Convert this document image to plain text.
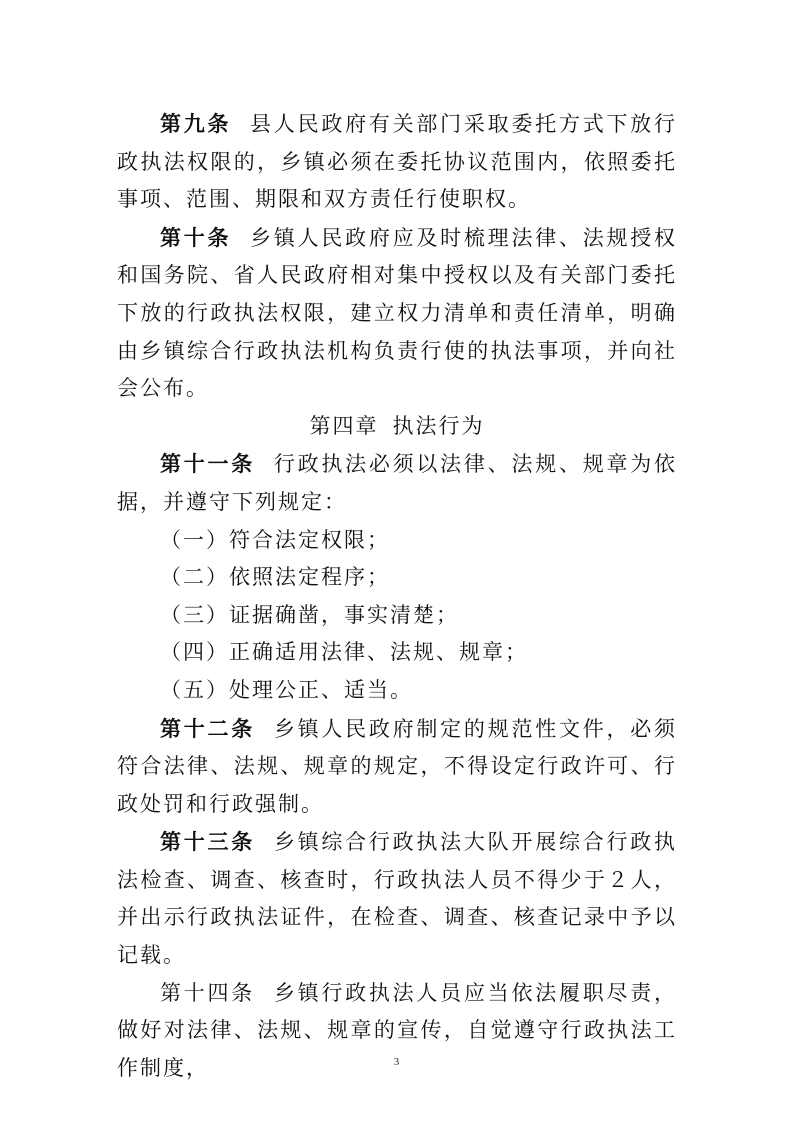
第九条 县人民政府有关部门采取委托方式下放行政执法权限的，乡镇必须在委托协议范围内，依照委托事项、范围、期限和双方责任行使职权。

第十条 乡镇人民政府应及时梳理法律、法规授权和国务院、省人民政府相对集中授权以及有关部门委托下放的行政执法权限，建立权力清单和责任清单，明确由乡镇综合行政执法机构负责行使的执法事项，并向社会公布。

第四章 执法行为

第十一条 行政执法必须以法律、法规、规章为依据，并遵守下列规定：

（一）符合法定权限；

（二）依照法定程序；

（三）证据确凿，事实清楚；

（四）正确适用法律、法规、规章；

（五）处理公正、适当。

第十二条 乡镇人民政府制定的规范性文件，必须符合法律、法规、规章的规定，不得设定行政许可、行政处罚和行政强制。

第十三条 乡镇综合行政执法大队开展综合行政执法检查、调查、核查时，行政执法人员不得少于２人，并出示行政执法证件，在检查、调查、核查记录中予以记载。

第十四条 乡镇行政执法人员应当依法履职尽责，做好对法律、法规、规章的宣传，自觉遵守行政执法工作制度，	3
